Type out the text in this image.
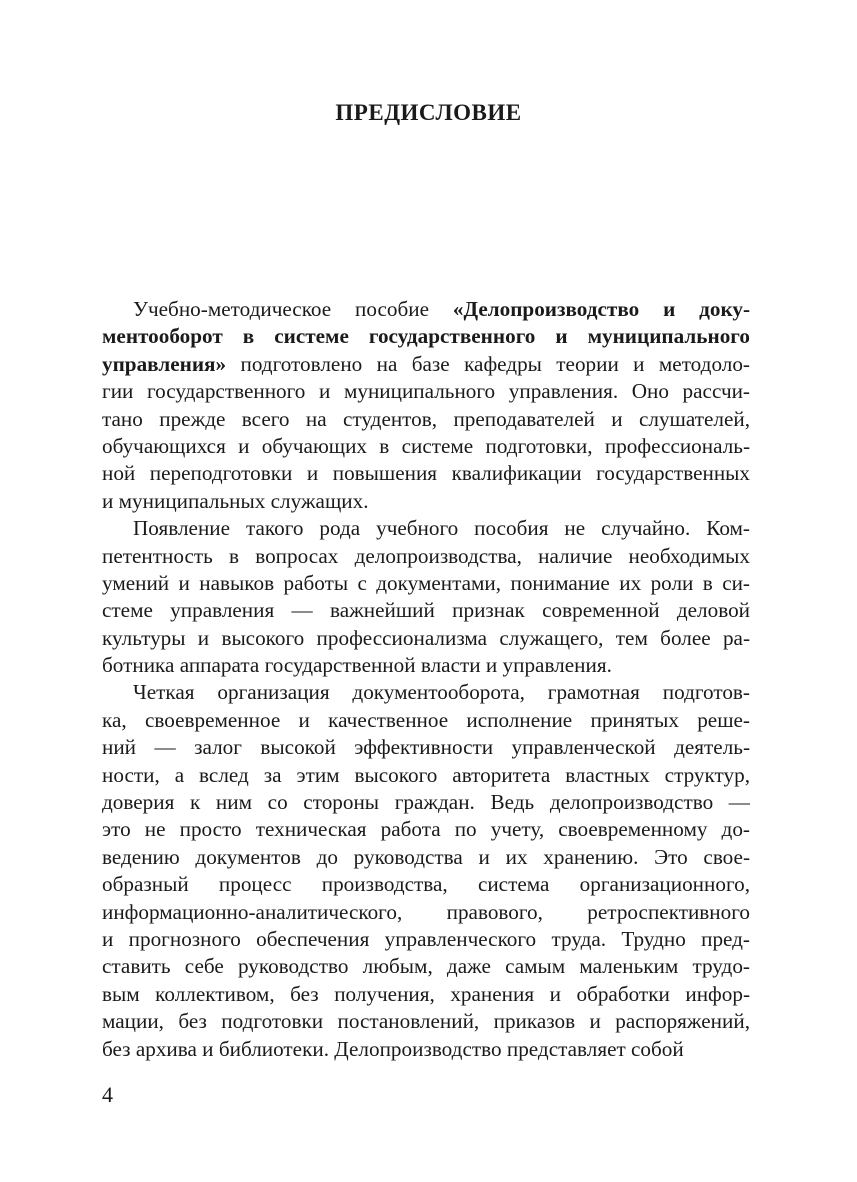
ПРЕДИСЛОВИЕ
Учебно-методическое пособие «Делопроизводство и доку-
ментооборот в системе государственного и муниципального
управления» подготовлено на базе кафедры теории и методоло-
гии государственного и муниципального управления. Оно рассчи-
тано прежде всего на студентов, преподавателей и слушателей,
обучающихся и обучающих в системе подготовки, профессиональ-
ной переподготовки и повышения квалификации государственных
и муниципальных служащих.
Появление такого рода учебного пособия не случайно. Ком-
петентность в вопросах делопроизводства, наличие необходимых
умений и навыков работы с документами, понимание их роли в си-
стеме управления — важнейший признак современной деловой
культуры и высокого профессионализма служащего, тем более ра-
ботника аппарата государственной власти и управления.
Четкая организация документооборота, грамотная подготов-
ка, своевременное и качественное исполнение принятых реше-
ний — залог высокой эффективности управленческой деятель-
ности, а вслед за этим высокого авторитета властных структур,
доверия к ним со стороны граждан. Ведь делопроизводство —
это не просто техническая работа по учету, своевременному до-
ведению документов до руководства и их хранению. Это свое-
образный процесс производства, система организационного,
информационно-аналитического, правового, ретроспективного
и прогнозного обеспечения управленческого труда. Трудно пред-
ставить себе руководство любым, даже самым маленьким трудо-
вым коллективом, без получения, хранения и обработки инфор-
мации, без подготовки постановлений, приказов и распоряжений,
без архива и библиотеки. Делопроизводство представляет собой
4
